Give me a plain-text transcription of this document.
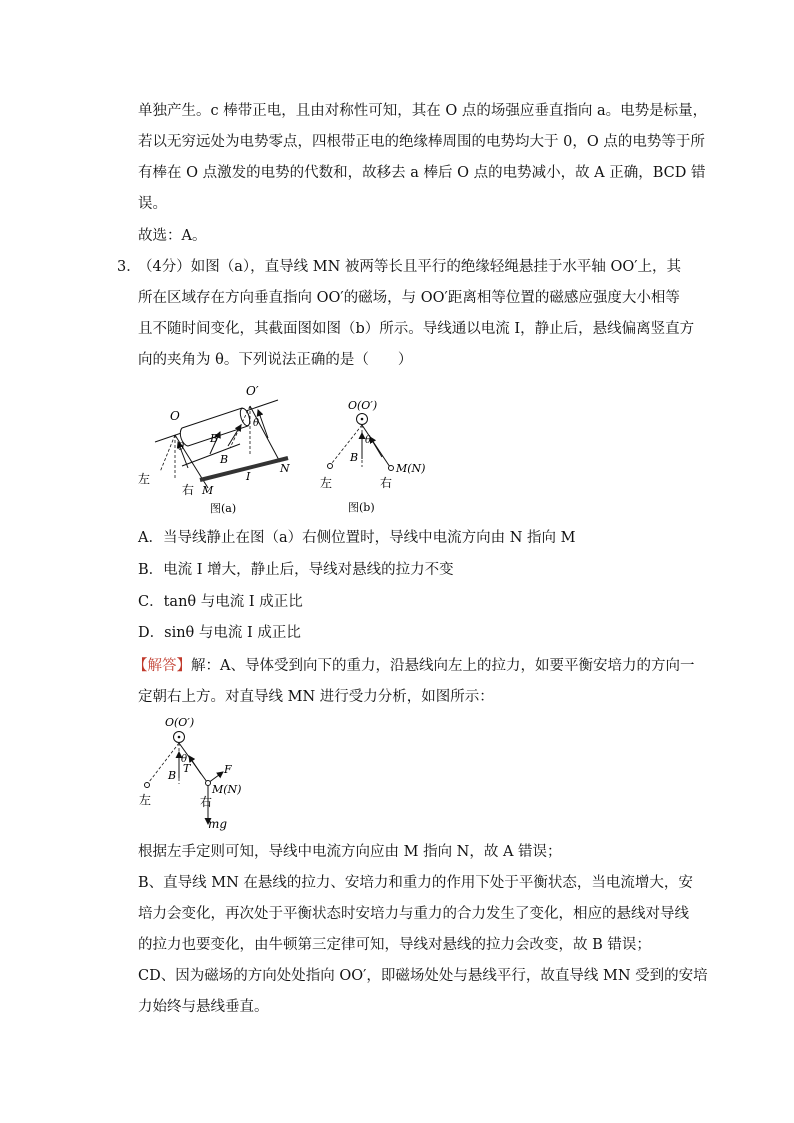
单独产生。c 棒带正电，且由对称性可知，其在 O 点的场强应垂直指向 a。电势是标量，
若以无穷远处为电势零点，四根带正电的绝缘棒周围的电势均大于 0，O 点的电势等于所
有棒在 O 点激发的电势的代数和，故移去 a 棒后 O 点的电势减小，故 A 正确，BCD 错
误。
故选：A。
3．
（4分）如图（a），直导线 MN 被两等长且平行的绝缘轻绳悬挂于水平轴 OO′上，其
所在区域存在方向垂直指向 OO′的磁场，与 OO′距离相等位置的磁感应强度大小相等
且不随时间变化，其截面图如图（b）所示。导线通以电流 I，静止后，悬线偏离竖直方
向的夹角为 θ。下列说法正确的是（　　）
O
O′
θ
θ
B
B
左
右 M
I
N
图(a)
O(O′)
θ
B
M(N)
左	右
图(b)
A．当导线静止在图（a）右侧位置时，导线中电流方向由 N 指向 M
B．电流 I 增大，静止后，导线对悬线的拉力不变
C．tanθ 与电流 I 成正比
D．sinθ 与电流 I 成正比
【解答】解：A、导体受到向下的重力，沿悬线向左上的拉力，如要平衡安培力的方向一
定朝右上方。对直导线 MN 进行受力分析，如图所示：
O(O′)
θ
B
T	F
M(N)
左	右
mg
根据左手定则可知，导线中电流方向应由 M 指向 N，故 A 错误；
B、直导线 MN 在悬线的拉力、安培力和重力的作用下处于平衡状态，当电流增大，安
培力会变化，再次处于平衡状态时安培力与重力的合力发生了变化，相应的悬线对导线
的拉力也要变化，由牛顿第三定律可知，导线对悬线的拉力会改变，故 B 错误；
CD、因为磁场的方向处处指向 OO′，即磁场处处与悬线平行，故直导线 MN 受到的安培
力始终与悬线垂直。
